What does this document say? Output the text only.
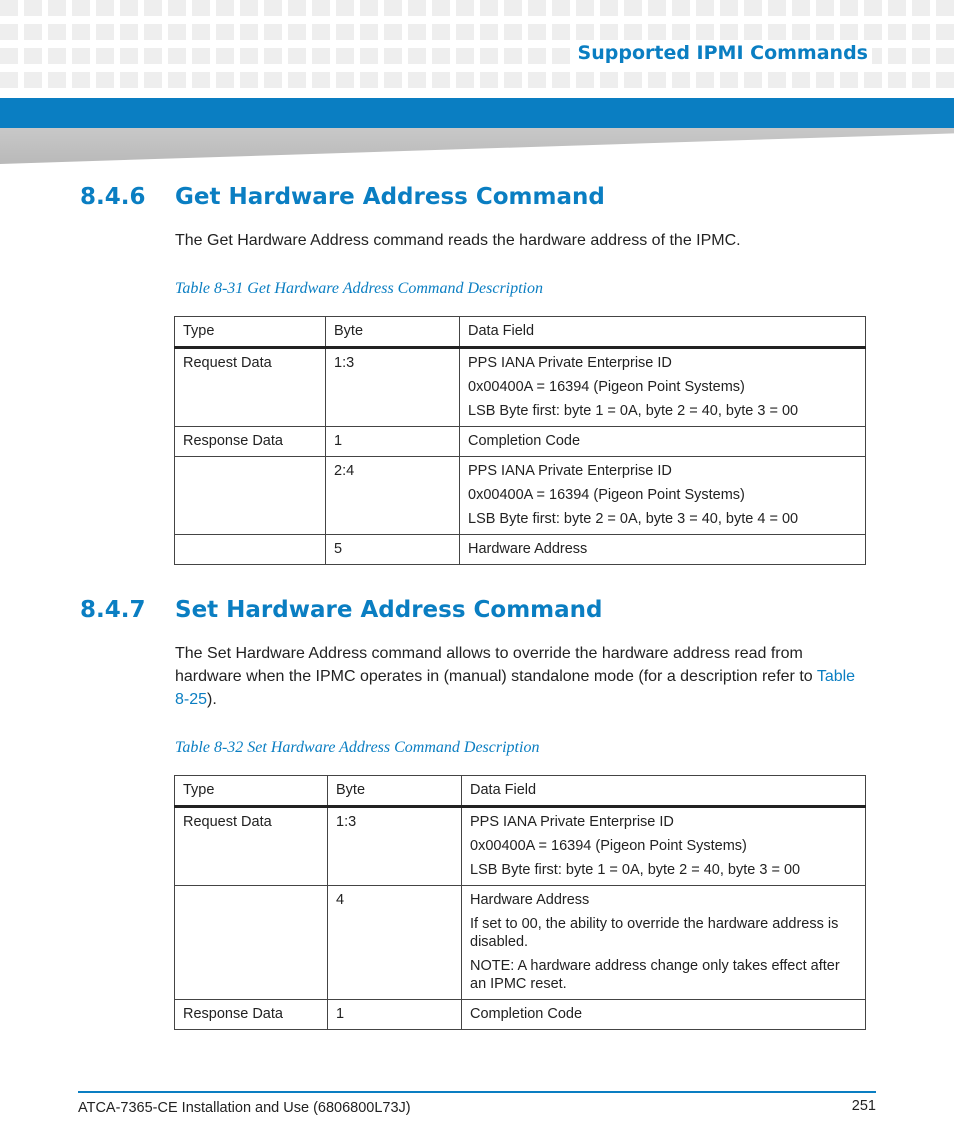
Supported IPMI Commands
8.4.6 Get Hardware Address Command
The Get Hardware Address command reads the hardware address of the IPMC.
Table 8-31 Get Hardware Address Command Description
Type	Byte	Data Field
Request Data	1:3	PPS IANA Private Enterprise ID

0x00400A = 16394 (Pigeon Point Systems)

LSB Byte first: byte 1 = 0A, byte 2 = 40, byte 3 = 00

Response Data	1	Completion Code

	2:4	PPS IANA Private Enterprise ID

0x00400A = 16394 (Pigeon Point Systems)

LSB Byte first: byte 2 = 0A, byte 3 = 40, byte 4 = 00

	5	Hardware Address

8.4.7 Set Hardware Address Command
The Set Hardware Address command allows to override the hardware address read from hardware when the IPMC operates in (manual) standalone mode (for a description refer to Table 8-25).
Table 8-32 Set Hardware Address Command Description
Type	Byte	Data Field
Request Data	1:3	PPS IANA Private Enterprise ID

0x00400A = 16394 (Pigeon Point Systems)

LSB Byte first: byte 1 = 0A, byte 2 = 40, byte 3 = 00

	4	Hardware Address

If set to 00, the ability to override the hardware address is disabled.

NOTE: A hardware address change only takes effect after an IPMC reset.

Response Data	1	Completion Code

ATCA-7365-CE Installation and Use (6806800L73J)	251
